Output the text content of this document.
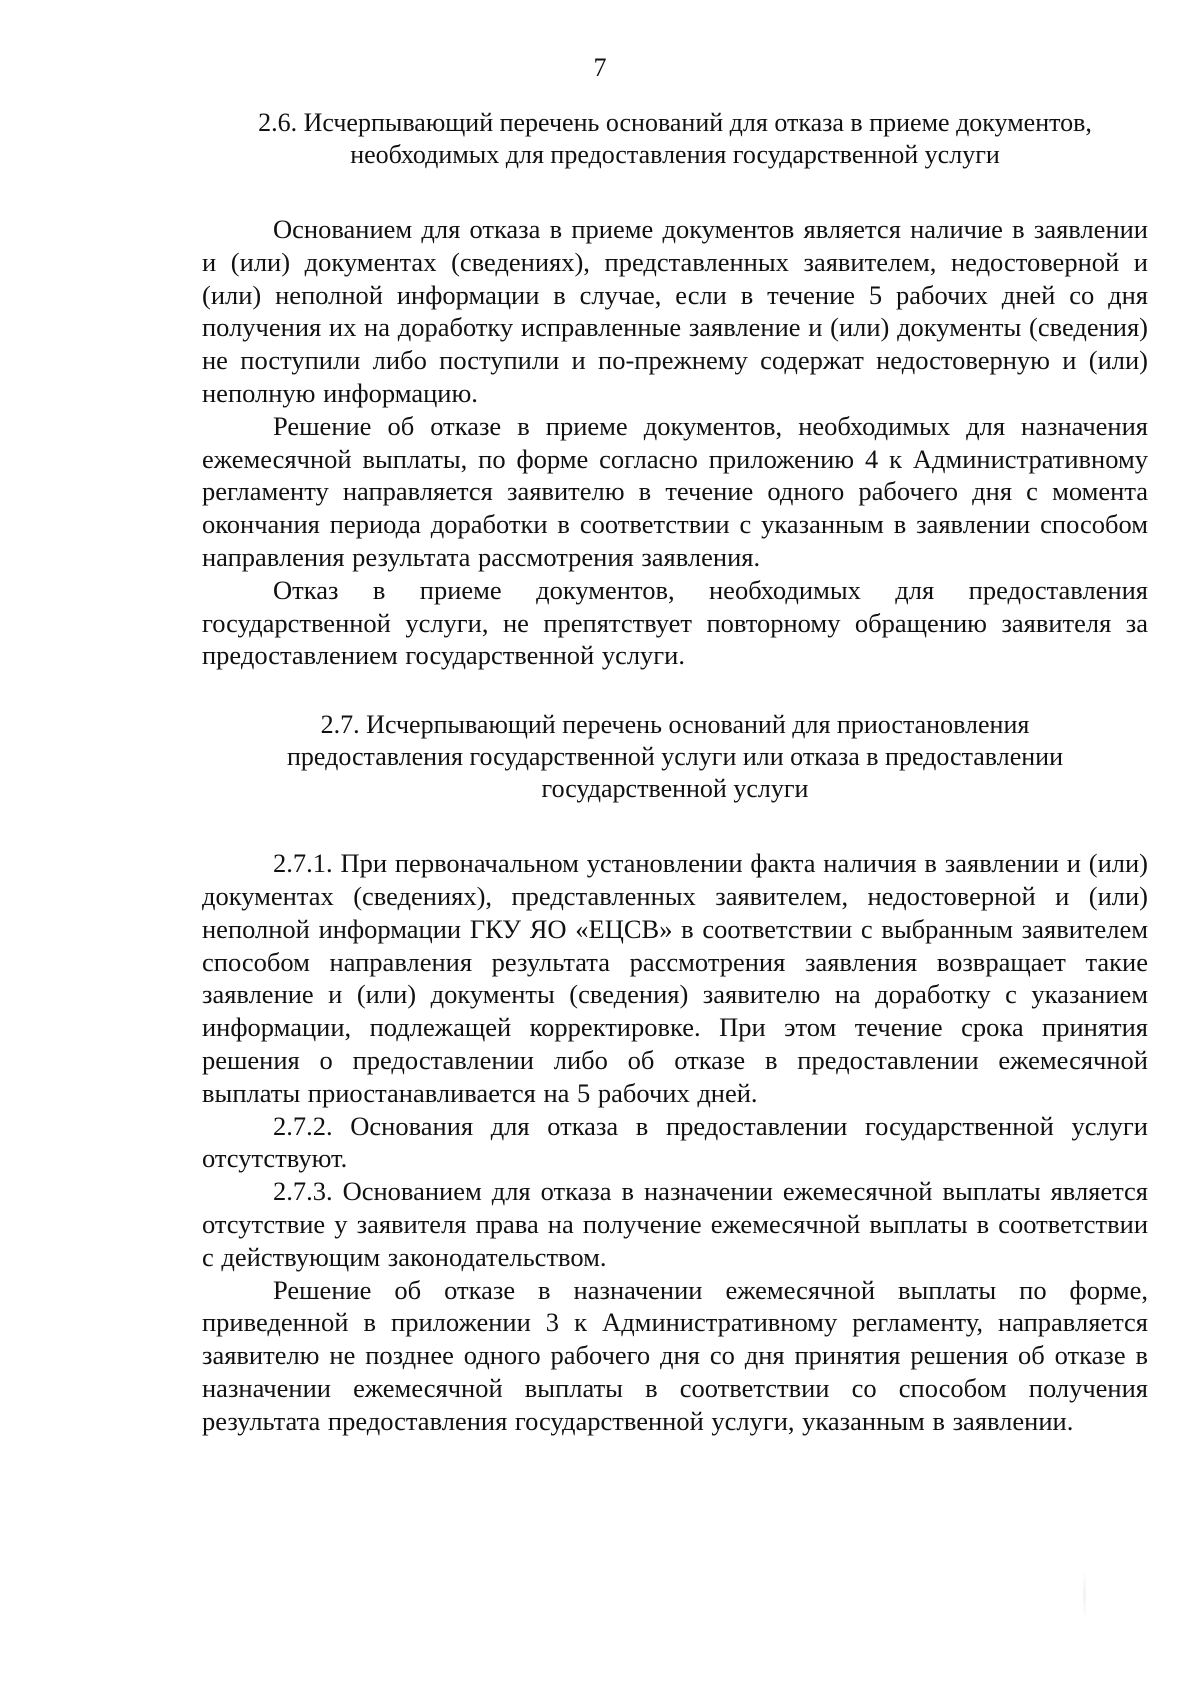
7
2.6. Исчерпывающий перечень оснований для отказа в приеме документов,
необходимых для предоставления государственной услуги

Основанием для отказа в приеме документов является наличие в заявлении и (или) документах (сведениях), представленных заявителем, недостоверной и (или) неполной информации в случае, если в течение 5 рабочих дней со дня получения их на доработку исправленные заявление и (или) документы (сведения) не поступили либо поступили и по-прежнему содержат недостоверную и (или) неполную информацию.

Решение об отказе в приеме документов, необходимых для назначения ежемесячной выплаты, по форме согласно приложению 4 к Административному регламенту направляется заявителю в течение одного рабочего дня с момента окончания периода доработки в соответствии с указанным в заявлении способом направления результата рассмотрения заявления.

Отказ в приеме документов, необходимых для предоставления государственной услуги, не препятствует повторному обращению заявителя за предоставлением государственной услуги.

2.7. Исчерпывающий перечень оснований для приостановления
предоставления государственной услуги или отказа в предоставлении
государственной услуги

2.7.1. При первоначальном установлении факта наличия в заявлении и (или) документах (сведениях), представленных заявителем, недостоверной и (или) неполной информации ГКУ ЯО «ЕЦСВ» в соответствии с выбранным заявителем способом направления результата рассмотрения заявления возвращает такие заявление и (или) документы (сведения) заявителю на доработку с указанием информации, подлежащей корректировке. При этом течение срока принятия решения о предоставлении либо об отказе в предоставлении ежемесячной выплаты приостанавливается на 5 рабочих дней.

2.7.2. Основания для отказа в предоставлении государственной услуги отсутствуют.

2.7.3. Основанием для отказа в назначении ежемесячной выплаты является отсутствие у заявителя права на получение ежемесячной выплаты в соответствии с действующим законодательством.

Решение об отказе в назначении ежемесячной выплаты по форме, приведенной в приложении 3 к Административному регламенту, направляется заявителю не позднее одного рабочего дня со дня принятия решения об отказе в назначении ежемесячной выплаты в соответствии со способом получения результата предоставления государственной услуги, указанным в заявлении.
